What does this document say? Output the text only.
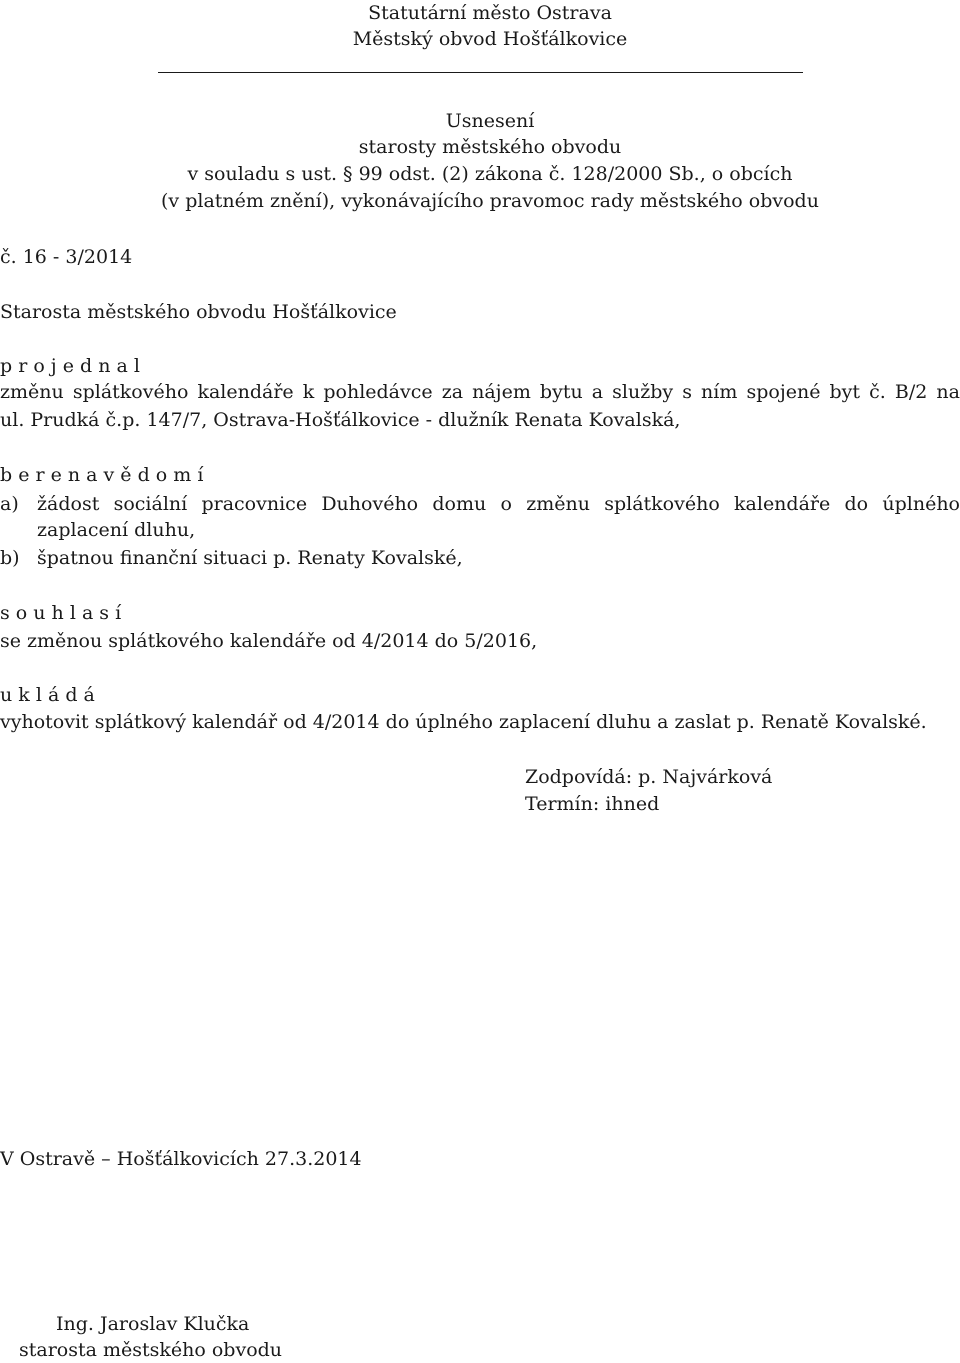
Statutární město Ostrava
Městský obvod Hošťálkovice
Usnesení
starosty městského obvodu
v souladu s ust. § 99 odst. (2) zákona č. 128/2000 Sb., o obcích
(v platném znění), vykonávajícího pravomoc rady městského obvodu
č. 16 - 3/2014
Starosta městského obvodu Hošťálkovice
p r o j e d n a l
změnu splátkového kalendáře k pohledávce za nájem bytu a služby s ním spojené byt č. B/2 na
ul. Prudká č.p. 147/7, Ostrava-Hošťálkovice - dlužník Renata Kovalská,
b e r e n a v ě d o m í
a) žádost sociální pracovnice Duhového domu o změnu splátkového kalendáře do úplného
zaplacení dluhu,
b) špatnou finanční situaci p. Renaty Kovalské,
s o u h l a s í
se změnou splátkového kalendáře od 4/2014 do 5/2016,
u k l á d á
vyhotovit splátkový kalendář od 4/2014 do úplného zaplacení dluhu a zaslat p. Renatě Kovalské.
Zodpovídá: p. Najvárková
Termín: ihned
V Ostravě – Hošťálkovicích 27.3.2014
Ing. Jaroslav Klučka
starosta městského obvodu
